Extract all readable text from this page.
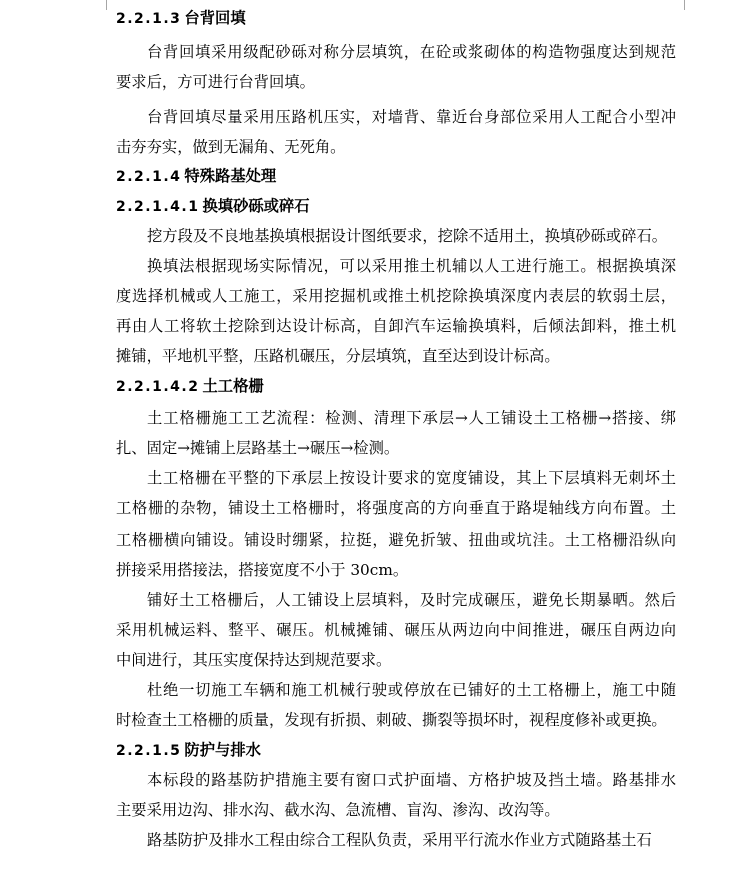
2.2.1.3 台背回填
台背回填采用级配砂砾对称分层填筑，在砼或浆砌体的构造物强度达到规范
要求后，方可进行台背回填。
台背回填尽量采用压路机压实，对墙背、靠近台身部位采用人工配合小型冲
击夯夯实，做到无漏角、无死角。
2.2.1.4 特殊路基处理
2.2.1.4.1 换填砂砾或碎石
挖方段及不良地基换填根据设计图纸要求，挖除不适用土，换填砂砾或碎石。
换填法根据现场实际情况，可以采用推土机辅以人工进行施工。根据换填深
度选择机械或人工施工，采用挖掘机或推土机挖除换填深度内表层的软弱土层，
再由人工将软土挖除到达设计标高，自卸汽车运输换填料，后倾法卸料，推土机
摊铺，平地机平整，压路机碾压，分层填筑，直至达到设计标高。
2.2.1.4.2 土工格栅
土工格栅施工工艺流程：检测、清理下承层→人工铺设土工格栅→搭接、绑
扎、固定→摊铺上层路基土→碾压→检测。
土工格栅在平整的下承层上按设计要求的宽度铺设，其上下层填料无刺坏土
工格栅的杂物，铺设土工格栅时，将强度高的方向垂直于路堤轴线方向布置。土
工格栅横向铺设。铺设时绷紧，拉挺，避免折皱、扭曲或坑洼。土工格栅沿纵向
拼接采用搭接法，搭接宽度不小于 30cm。
铺好土工格栅后，人工铺设上层填料，及时完成碾压，避免长期暴晒。然后
采用机械运料、整平、碾压。机械摊铺、碾压从两边向中间推进，碾压自两边向
中间进行，其压实度保持达到规范要求。
杜绝一切施工车辆和施工机械行驶或停放在已铺好的土工格栅上，施工中随
时检查土工格栅的质量，发现有折损、刺破、撕裂等损坏时，视程度修补或更换。
2.2.1.5 防护与排水
本标段的路基防护措施主要有窗口式护面墙、方格护坡及挡土墙。路基排水
主要采用边沟、排水沟、截水沟、急流槽、盲沟、渗沟、改沟等。
路基防护及排水工程由综合工程队负责，采用平行流水作业方式随路基土石
